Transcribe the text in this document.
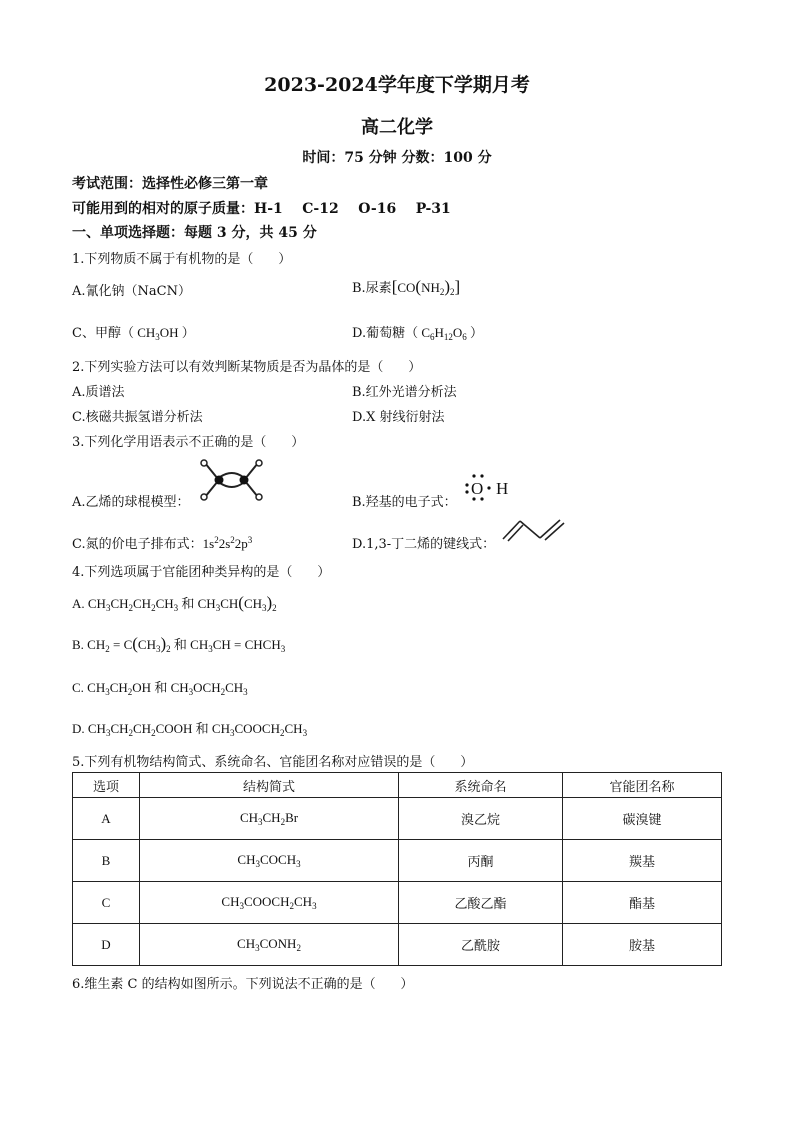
2023-2024学年度下学期月考
高二化学
时间：75 分钟 分数：100 分
考试范围：选择性必修三第一章
可能用到的相对的原子质量：H-1    C-12    O-16    P-31
一、单项选择题：每题 3 分，共 45 分
1.下列物质不属于有机物的是（      ）
A.氰化钠（NaCN）	B.尿素$[CO(NH_2)_2]$
C、甲醇（ $CH_3OH$ ）	D.葡萄糖（ $C_6H_{12}O_6$ ）
2.下列实验方法可以有效判断某物质是否为晶体的是（      ）
A.质谱法	B.红外光谱分析法
C.核磁共振氢谱分析法	D.X 射线衍射法
3.下列化学用语表示不正确的是（      ）
A.乙烯的球棍模型：	B.羟基的电子式：
O H
C.氮的价电子排布式：$1s^22s^22p^3$	D.1,3-丁二烯的键线式：
4.下列选项属于官能团种类异构的是（      ）
A. $CH_3CH_2CH_2CH_3$ 和 $CH_3CH(CH_3)_2$
B. $CH_2 = C(CH_3)_2$ 和 $CH_3CH$ = $CHCH_3$
C. $CH_3CH_2OH$ 和 $CH_3OCH_2CH_3$
D. $CH_3CH_2CH_2COOH$ 和 $CH_3COOCH_2CH_3$
5.下列有机物结构简式、系统命名、官能团名称对应错误的是（      ）
选项	结构简式	系统命名	官能团名称
A	$CH_3CH_2Br$	溴乙烷	碳溴键
B	$CH_3COCH_3$	丙酮	羰基
C	$CH_3COOCH_2CH_3$	乙酸乙酯	酯基
D	$CH_3CONH_2$	乙酰胺	胺基
6.维生素 C 的结构如图所示。下列说法不正确的是（      ）
